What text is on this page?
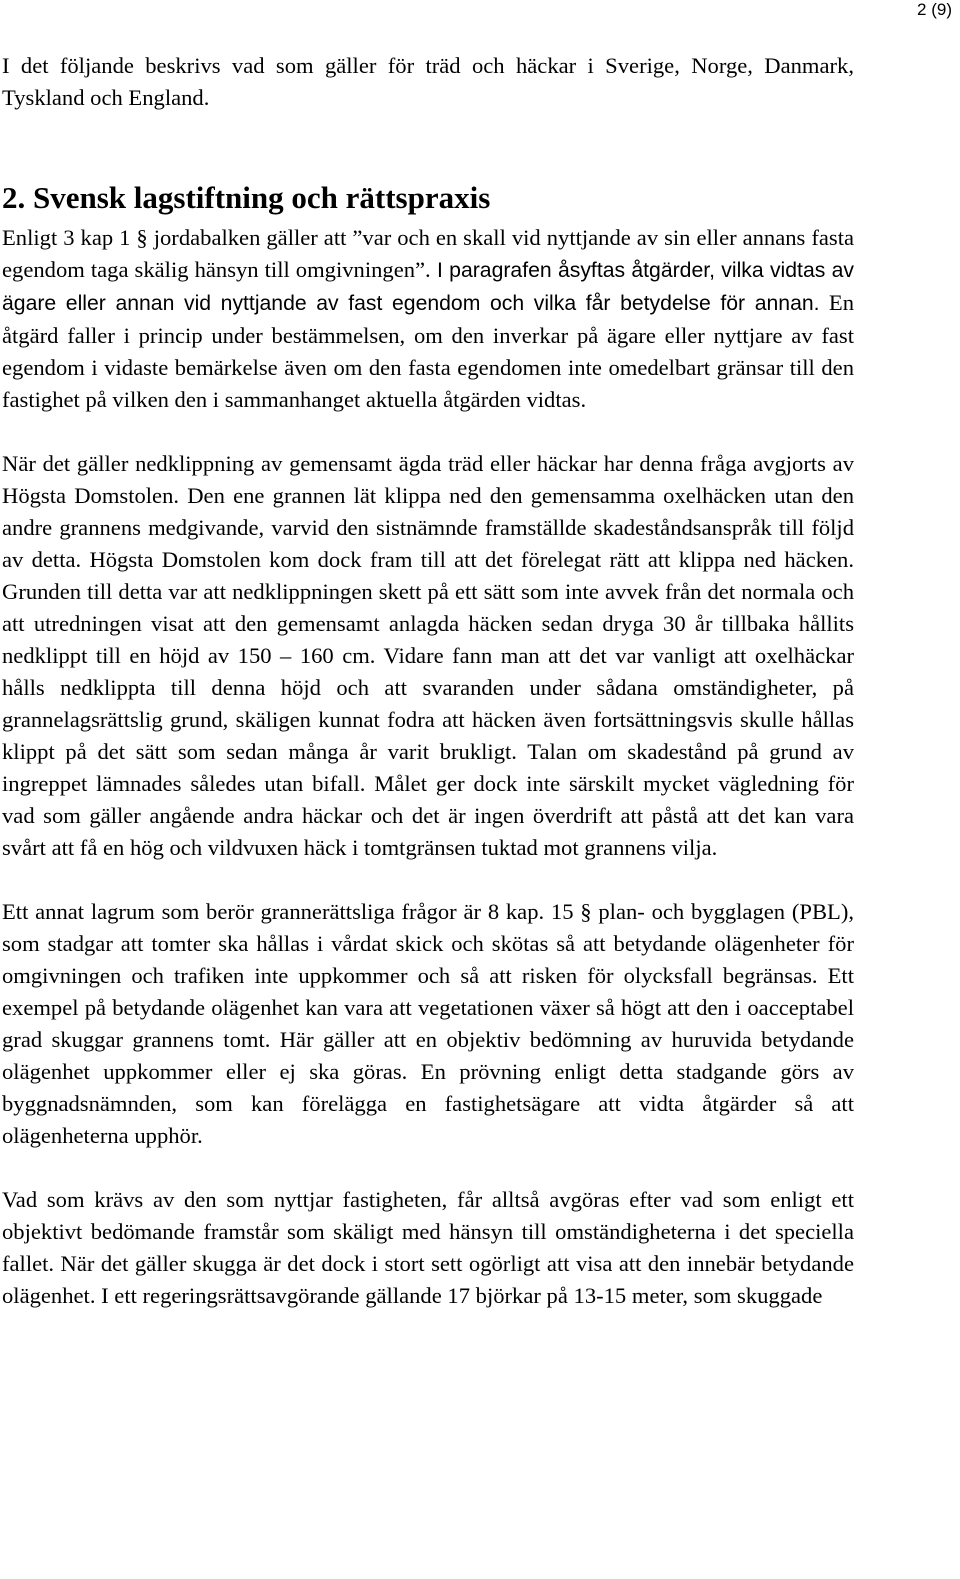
2 (9)

I det följande beskrivs vad som gäller för träd och häckar i Sverige, Norge, Danmark, Tyskland och England.

2. Svensk lagstiftning och rättspraxis

Enligt 3 kap 1 § jordabalken gäller att ”var och en skall vid nyttjande av sin eller annans fasta egendom taga skälig hänsyn till omgivningen”. I paragrafen åsyftas åtgärder, vilka vidtas av ägare eller annan vid nyttjande av fast egendom och vilka får betydelse för annan. En åtgärd faller i princip under bestämmelsen, om den inverkar på ägare eller nyttjare av fast egendom i vidaste bemärkelse även om den fasta egendomen inte omedelbart gränsar till den fastighet på vilken den i sammanhanget aktuella åtgärden vidtas.

När det gäller nedklippning av gemensamt ägda träd eller häckar har denna fråga avgjorts av Högsta Domstolen. Den ene grannen lät klippa ned den gemensamma oxelhäcken utan den andre grannens medgivande, varvid den sistnämnde framställde skadeståndsanspråk till följd av detta. Högsta Domstolen kom dock fram till att det förelegat rätt att klippa ned häcken. Grunden till detta var att nedklippningen skett på ett sätt som inte avvek från det normala och att utredningen visat att den gemensamt anlagda häcken sedan dryga 30 år tillbaka hållits nedklippt till en höjd av 150 – 160 cm. Vidare fann man att det var vanligt att oxelhäckar hålls nedklippta till denna höjd och att svaranden under sådana omständigheter, på grannelagsrättslig grund, skäligen kunnat fodra att häcken även fortsättningsvis skulle hållas klippt på det sätt som sedan många år varit brukligt. Talan om skadestånd på grund av ingreppet lämnades således utan bifall. Målet ger dock inte särskilt mycket vägledning för vad som gäller angående andra häckar och det är ingen överdrift att påstå att det kan vara svårt att få en hög och vildvuxen häck i tomtgränsen tuktad mot grannens vilja.

Ett annat lagrum som berör grannerättsliga frågor är 8 kap. 15 § plan- och bygglagen (PBL), som stadgar att tomter ska hållas i vårdat skick och skötas så att betydande olägenheter för omgivningen och trafiken inte uppkommer och så att risken för olycksfall begränsas. Ett exempel på betydande olägenhet kan vara att vegetationen växer så högt att den i oacceptabel grad skuggar grannens tomt. Här gäller att en objektiv bedömning av huruvida betydande olägenhet uppkommer eller ej ska göras. En prövning enligt detta stadgande görs av byggnadsnämnden, som kan förelägga en fastighetsägare att vidta åtgärder så att olägenheterna upphör.

Vad som krävs av den som nyttjar fastigheten, får alltså avgöras efter vad som enligt ett objektivt bedömande framstår som skäligt med hänsyn till omständigheterna i det speciella fallet. När det gäller skugga är det dock i stort sett ogörligt att visa att den innebär betydande olägenhet. I ett regeringsrättsavgörande gällande 17 björkar på 13-15 meter, som skuggade
